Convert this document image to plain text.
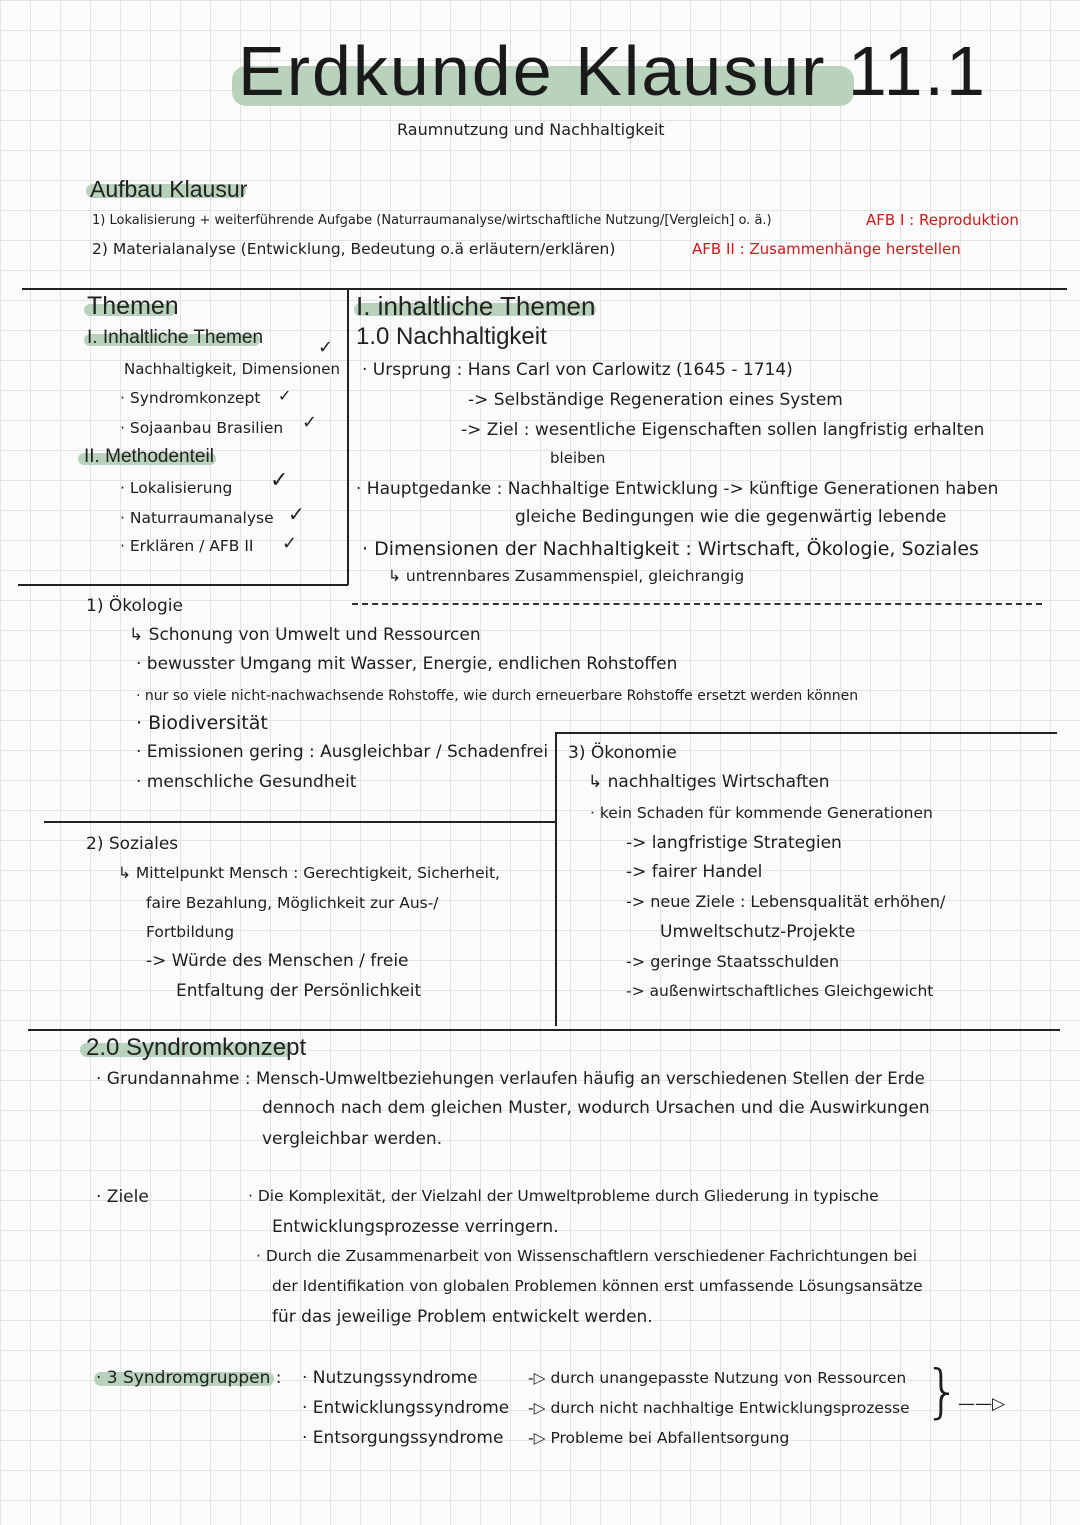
Erdkunde Klausur 11.1
Raumnutzung und Nachhaltigkeit
Aufbau Klausur
1) Lokalisierung + weiterführende Aufgabe (Naturraumanalyse/wirtschaftliche Nutzung/[Vergleich] o. ä.)	AFB I : Reproduktion
2) Materialanalyse (Entwicklung, Bedeutung o.ä erläutern/erklären)	AFB II : Zusammenhänge herstellen
Themen
I. Inhaltliche Themen
Nachhaltigkeit, Dimensionen
✓
· Syndromkonzept ✓
· Sojaanbau Brasilien ✓
II. Methodenteil
· Lokalisierung ✓
· Naturraumanalyse ✓
· Erklären / AFB II ✓
I. inhaltliche Themen
1.0 Nachhaltigkeit
· Ursprung : Hans Carl von Carlowitz (1645 - 1714)
-> Selbständige Regeneration eines System
-> Ziel : wesentliche Eigenschaften sollen langfristig erhalten
bleiben
· Hauptgedanke : Nachhaltige Entwicklung -> künftige Generationen haben
gleiche Bedingungen wie die gegenwärtig lebende
· Dimensionen der Nachhaltigkeit : Wirtschaft, Ökologie, Soziales
↳ untrennbares Zusammenspiel, gleichrangig
1) Ökologie
↳ Schonung von Umwelt und Ressourcen
· bewusster Umgang mit Wasser, Energie, endlichen Rohstoffen
· nur so viele nicht-nachwachsende Rohstoffe, wie durch erneuerbare Rohstoffe ersetzt werden können
· Biodiversität
· Emissionen gering : Ausgleichbar / Schadenfrei
· menschliche Gesundheit
3) Ökonomie
↳ nachhaltiges Wirtschaften
· kein Schaden für kommende Generationen
-> langfristige Strategien
-> fairer Handel
-> neue Ziele : Lebensqualität erhöhen/
Umweltschutz-Projekte
-> geringe Staatsschulden
-> außenwirtschaftliches Gleichgewicht
2) Soziales
↳ Mittelpunkt Mensch : Gerechtigkeit, Sicherheit,
faire Bezahlung, Möglichkeit zur Aus-/
Fortbildung
-> Würde des Menschen / freie
Entfaltung der Persönlichkeit
2.0 Syndromkonzept
· Grundannahme : Mensch-Umweltbeziehungen verlaufen häufig an verschiedenen Stellen der Erde
dennoch nach dem gleichen Muster, wodurch Ursachen und die Auswirkungen
vergleichbar werden.
· Ziele	· Die Komplexität, der Vielzahl der Umweltprobleme durch Gliederung in typische
Entwicklungsprozesse verringern.
· Durch die Zusammenarbeit von Wissenschaftlern verschiedener Fachrichtungen bei
der Identifikation von globalen Problemen können erst umfassende Lösungsansätze
für das jeweilige Problem entwickelt werden.
· 3 Syndromgruppen : · Nutzungssyndrome	-▷ durch unangepasste Nutzung von Ressourcen
· Entwicklungssyndrome -▷ durch nicht nachhaltige Entwicklungsprozesse
· Entsorgungssyndrome -▷ Probleme bei Abfallentsorgung
}
——▷
